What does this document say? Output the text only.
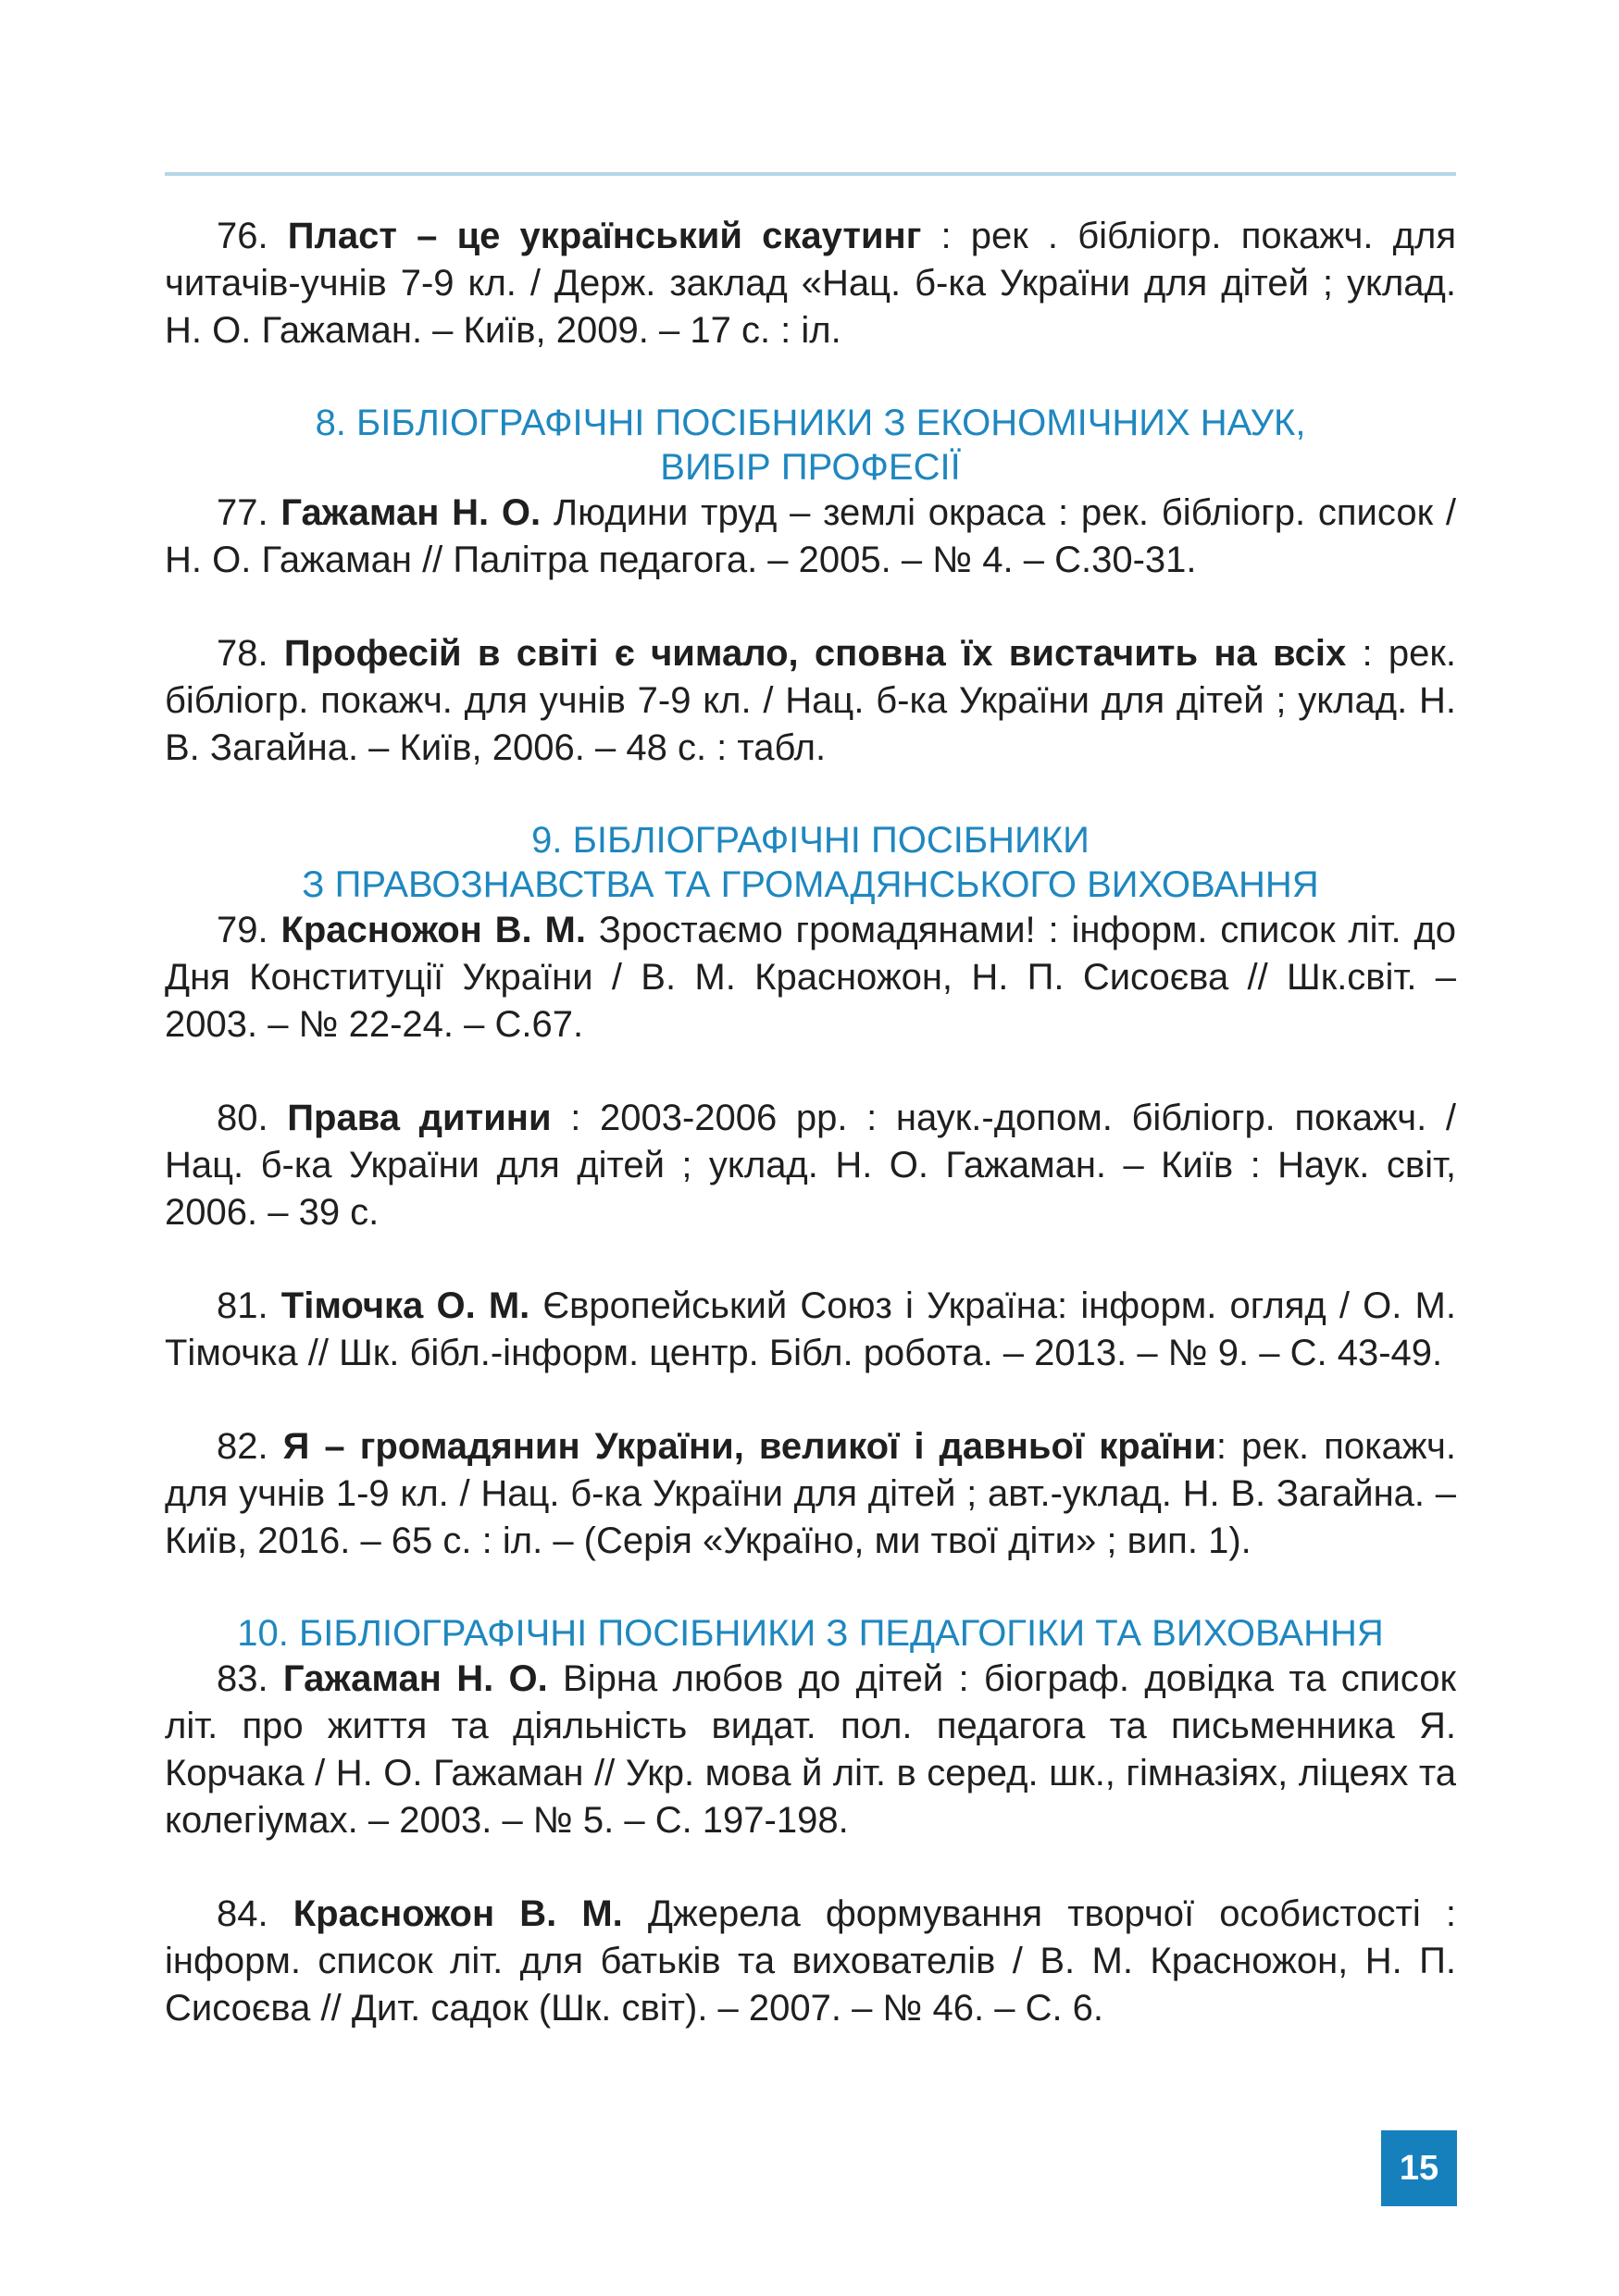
76. Пласт – це український скаутинг : рек . бібліогр. покажч. для читачів-учнів 7-9 кл. / Держ. заклад «Нац. б-ка України для дітей ; уклад. Н. О. Гажаман. – Київ, 2009. – 17 с. : іл.

8. БІБЛІОГРАФІЧНІ ПОСІБНИКИ З ЕКОНОМІЧНИХ НАУК,
ВИБІР ПРОФЕСІЇ

77. Гажаман Н. О. Людини труд – землі окраса : рек. бібліогр. список / Н. О. Гажаман // Палітра педагога. – 2005. – № 4. – С.30-31.

78. Професій в світі є чимало, сповна їх вистачить на всіх : рек. бібліогр. покажч. для учнів 7-9 кл. / Нац. б-ка України для дітей ; уклад. Н. В. Загайна. – Київ, 2006. – 48 с. : табл.

9. БІБЛІОГРАФІЧНІ ПОСІБНИКИ
З ПРАВОЗНАВСТВА ТА ГРОМАДЯНСЬКОГО ВИХОВАННЯ

79. Красножон В. М. Зростаємо громадянами! : інформ. список літ. до Дня Конституції України / В. М. Красножон, Н. П. Сисоєва // Шк.світ. – 2003. – № 22-24. – С.67.

80. Права дитини : 2003-2006 рр. : наук.-допом. бібліогр. покажч. / Нац. б-ка України для дітей ; уклад. Н. О. Гажаман. – Київ : Наук. світ, 2006. – 39 с.

81. Тімочка О. М. Європейський Союз і Україна: інформ. огляд / О. М. Тімочка // Шк. бібл.-інформ. центр. Бібл. робота. – 2013. – № 9. – С. 43-49.

82. Я – громадянин України, великої і давньої країни: рек. покажч. для учнів 1-9 кл. / Нац. б-ка України для дітей ; авт.-уклад. Н. В. Загайна. – Київ, 2016. – 65 с. : іл. – (Серія «Україно, ми твої діти» ; вип. 1).

10. БІБЛІОГРАФІЧНІ ПОСІБНИКИ З ПЕДАГОГІКИ ТА ВИХОВАННЯ

83. Гажаман Н. О. Вірна любов до дітей : біограф. довідка та список літ. про життя та діяльність видат. пол. педагога та письменника Я. Корчака / Н. О. Гажаман // Укр. мова й літ. в серед. шк., гімназіях, ліцеях та колегіумах. – 2003. – № 5. – С. 197-198.

84. Красножон В. М. Джерела формування творчої особистості : інформ. список літ. для батьків та вихователів / В. М. Красножон, Н. П. Сисоєва // Дит. садок (Шк. світ). – 2007. – № 46. – С. 6.

15
